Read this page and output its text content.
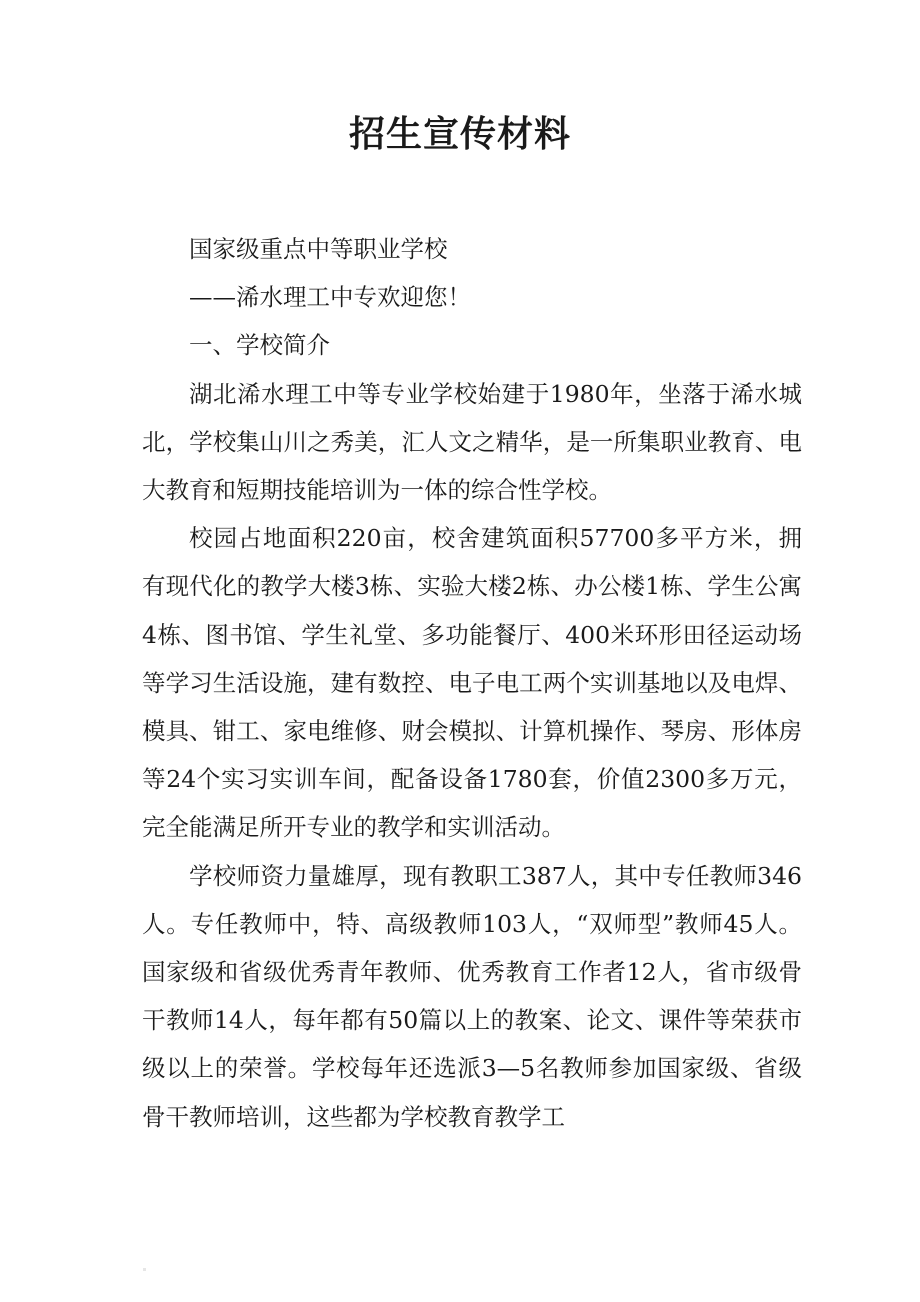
招生宣传材料

国家级重点中等职业学校

——浠水理工中专欢迎您！

一、学校简介

湖北浠水理工中等专业学校始建于1980年，坐落于浠水城北，学校集山川之秀美，汇人文之精华，是一所集职业教育、电大教育和短期技能培训为一体的综合性学校。

校园占地面积220亩，校舍建筑面积57700多平方米，拥有现代化的教学大楼3栋、实验大楼2栋、办公楼1栋、学生公寓4栋、图书馆、学生礼堂、多功能餐厅、400米环形田径运动场等学习生活设施，建有数控、电子电工两个实训基地以及电焊、模具、钳工、家电维修、财会模拟、计算机操作、琴房、形体房等24个实习实训车间，配备设备1780套，价值2300多万元，完全能满足所开专业的教学和实训活动。

学校师资力量雄厚，现有教职工387人，其中专任教师346人。专任教师中，特、高级教师103人，“双师型”教师45人。国家级和省级优秀青年教师、优秀教育工作者12人，省市级骨干教师14人，每年都有50篇以上的教案、论文、课件等荣获市级以上的荣誉。学校每年还选派3—5名教师参加国家级、省级骨干教师培训，这些都为学校教育教学工
